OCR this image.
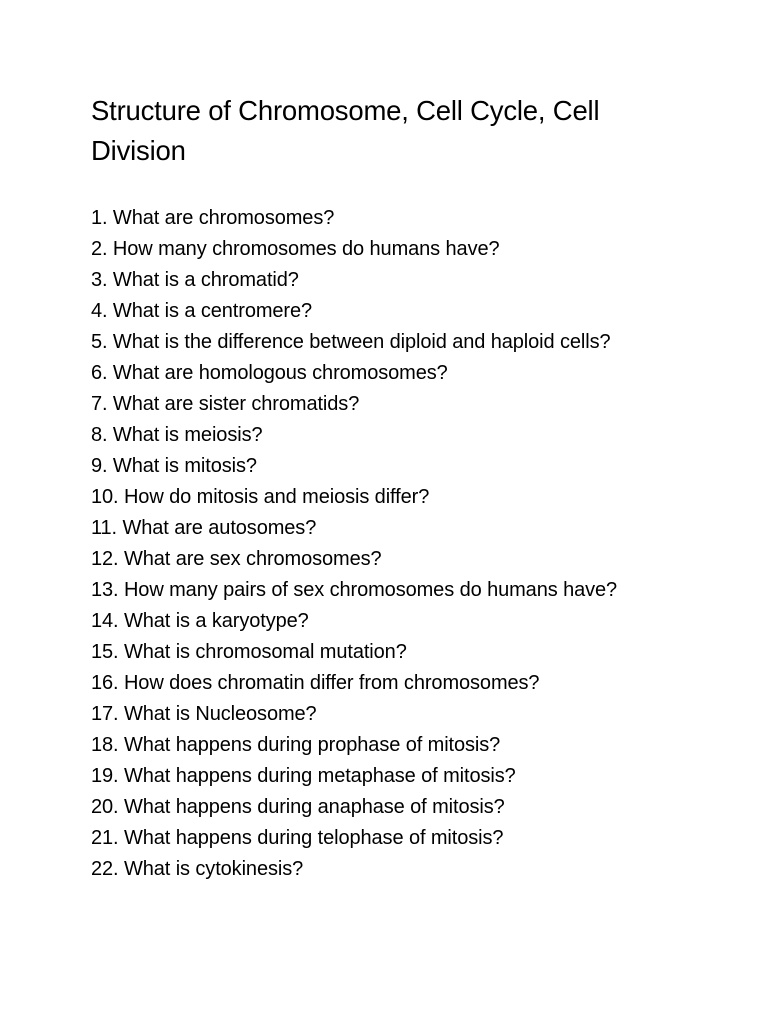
Structure of Chromosome, Cell Cycle, Cell Division
1. What are chromosomes?
2. How many chromosomes do humans have?
3. What is a chromatid?
4. What is a centromere?
5. What is the difference between diploid and haploid cells?
6. What are homologous chromosomes?
7. What are sister chromatids?
8. What is meiosis?
9. What is mitosis?
10. How do mitosis and meiosis differ?
11. What are autosomes?
12. What are sex chromosomes?
13. How many pairs of sex chromosomes do humans have?
14. What is a karyotype?
15. What is chromosomal mutation?
16. How does chromatin differ from chromosomes?
17. What is Nucleosome?
18. What happens during prophase of mitosis?
19. What happens during metaphase of mitosis?
20. What happens during anaphase of mitosis?
21. What happens during telophase of mitosis?
22. What is cytokinesis?
